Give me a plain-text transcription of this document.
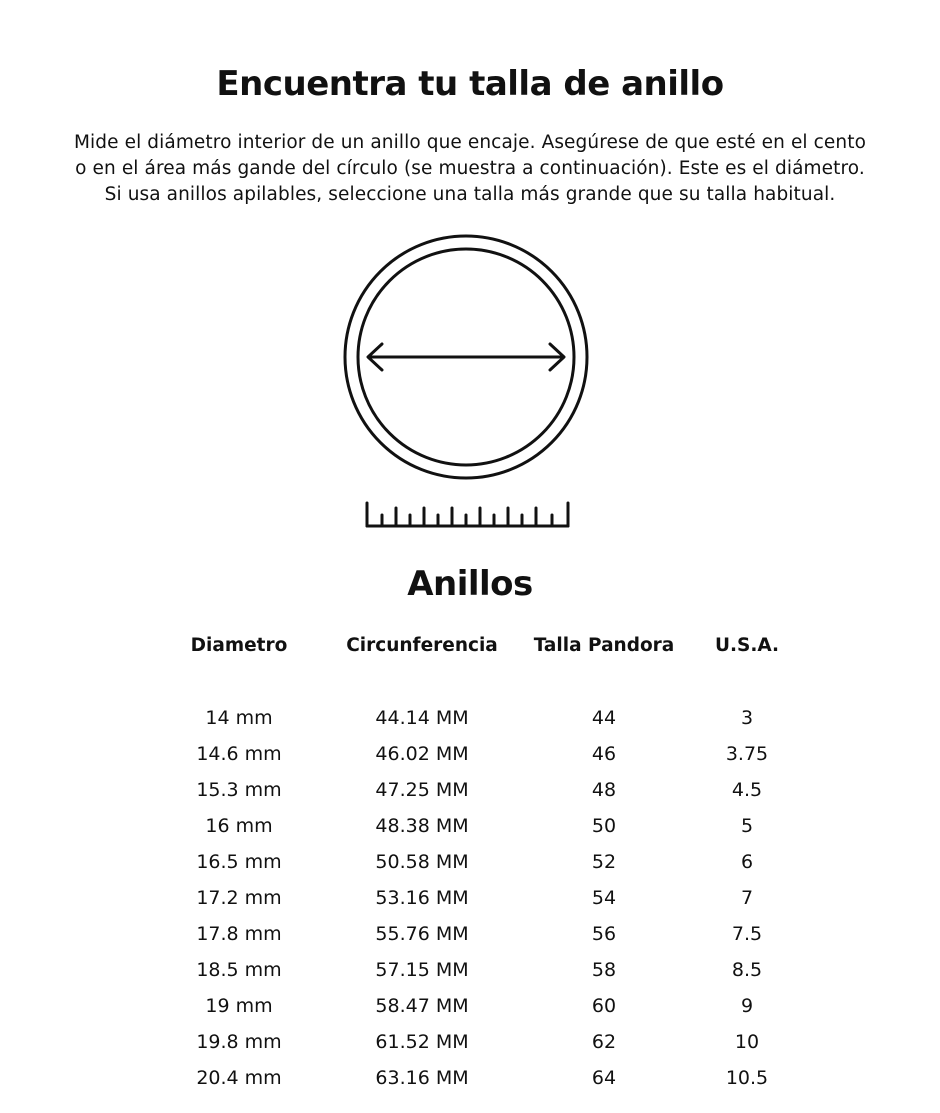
Encuentra tu talla de anillo
Mide el diámetro interior de un anillo que encaje. Asegúrese de que esté en el cento
o en el área más gande del círculo (se muestra a continuación). Este es el diámetro.
Si usa anillos apilables, seleccione una talla más grande que su talla habitual.
Anillos
Diametro	Circunferencia	Talla Pandora	U.S.A.
14 mm	44.14 MM	44	3
14.6 mm	46.02 MM	46	3.75
15.3 mm	47.25 MM	48	4.5
16 mm	48.38 MM	50	5
16.5 mm	50.58 MM	52	6
17.2 mm	53.16 MM	54	7
17.8 mm	55.76 MM	56	7.5
18.5 mm	57.15 MM	58	8.5
19 mm	58.47 MM	60	9
19.8 mm	61.52 MM	62	10
20.4 mm	63.16 MM	64	10.5
